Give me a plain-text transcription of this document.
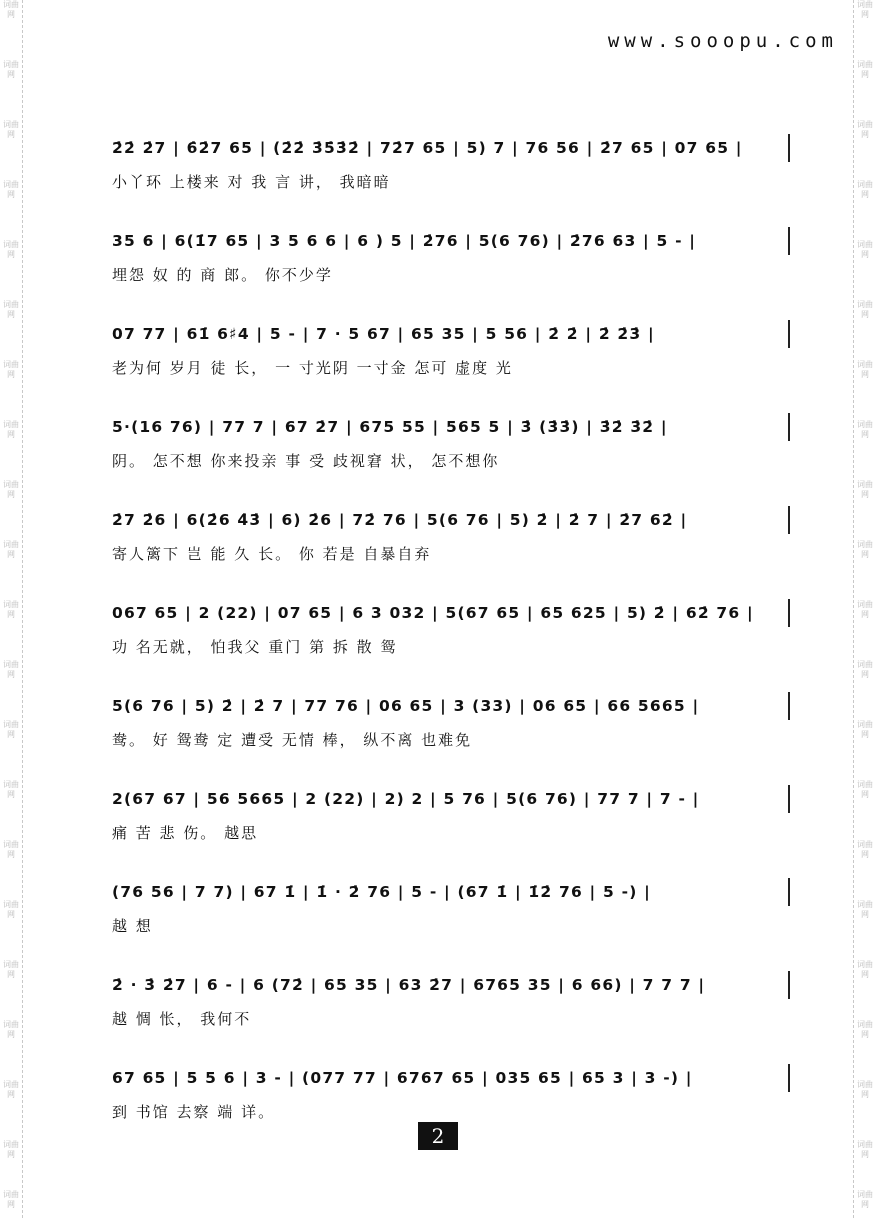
词曲网
词曲网
词曲网
词曲网
词曲网
词曲网
词曲网
词曲网
词曲网
词曲网
词曲网
词曲网
词曲网
词曲网
词曲网
词曲网
词曲网
词曲网
词曲网
词曲网
词曲网
词曲网
词曲网
词曲网
词曲网
词曲网
词曲网
词曲网
词曲网
词曲网
词曲网
词曲网
词曲网
词曲网
词曲网
词曲网
词曲网
词曲网
词曲网
词曲网
词曲网
词曲网
www.sooopu.com
2̇2̇ 2̇7 | 6̇2̇7 65 | (2̇2̇ 3̇5̇3̇2̇ | 72̇7 65 | 5) 7 | 76 56 | 2̇7 65 | 07 65 |
小丫环 上楼来 对 我 言 讲， 我暗暗
35 6 | 6(1̇7 65 | 3 5 6 6 | 6 ) 5 | 2̇76 | 5(6 76) | 2̇76 63 | 5 - |
埋怨 奴 的 商 郎。 你不少学
07 77 | 61̇ 6♯4 | 5 - | 7 · 5 67 | 65 35 | 5 56 | 2̇ 2̇ | 2̇ 2̇3̇ |
老为何 岁月 徒 长， 一 寸光阴 一寸金 怎可 虚度 光
5·(16 76) | 77 7 | 67 2̇7 | 675 55 | 565 5 | 3̇ (3̇3̇) | 3̇2̇ 3̇2̇ |
阴。 怎不想 你来投亲 事 受 歧视窘 状， 怎不想你
2̇7 2̇6 | 6(2̇6 4̇3̇ | 6) 2̇6 | 72̇ 76 | 5(6 76 | 5) 2̇ | 2̇ 7 | 2̇7 62̇ |
寄人篱下 岂 能 久 长。 你 若是 自暴自弃
067 65 | 2 (22) | 07 65 | 6 3 032 | 5(67 65 | 65 625 | 5) 2̇ | 62̇ 76 |
功 名无就， 怕我父 重门 第 拆 散 鸳
5(6 76 | 5) 2̇ | 2̇ 7 | 77 76 | 06 65 | 3 (33) | 06 65 | 66 5665 |
鸯。 好 鸳鸯 定 遭受 无情 棒， 纵不离 也难免
2(67 67 | 56 5665 | 2 (22) | 2) 2 | 5 76 | 5(6 76) | 77 7 | 7 - |
痛 苦 悲 伤。 越思
(76 56 | 7 7) | 67 1̇ | 1̇ · 2̇ 76 | 5 - | (67 1̇ | 1̇2̇ 76 | 5 -) |
越 想
2̇ · 3̇ 2̇7 | 6 - | 6 (72̇ | 65 35 | 63 2̇7 | 6765 35 | 6 66) | 7 7 7 |
越 惆 怅， 我何不
67 65 | 5 5 6 | 3 - | (077 77 | 6767 65 | 035 65 | 65 3 | 3 -) |
到 书馆 去察 端 详。
2
